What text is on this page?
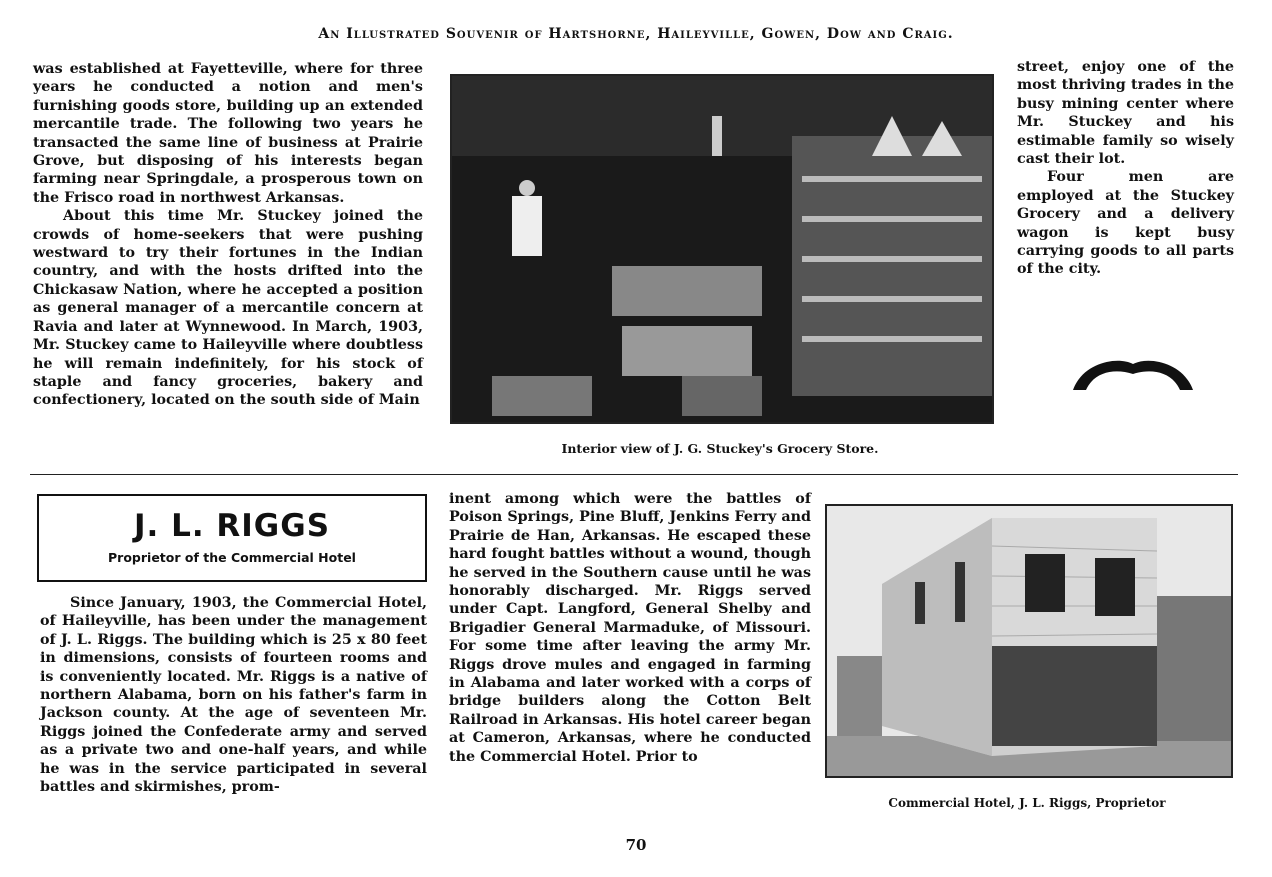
An Illustrated Souvenir of Hartshorne, Haileyville, Gowen, Dow and Craig.

was established at Fayetteville, where for three years he conducted a notion and men's furnishing goods store, building up an extended mercantile trade. The following two years he transacted the same line of business at Prairie Grove, but disposing of his interests began farming near Springdale, a prosperous town on the Frisco road in northwest Arkansas.

About this time Mr. Stuckey joined the crowds of home-seekers that were pushing westward to try their fortunes in the Indian country, and with the hosts drifted into the Chickasaw Nation, where he accepted a position as general manager of a mercantile concern at Ravia and later at Wynnewood. In March, 1903, Mr. Stuckey came to Haileyville where doubtless he will remain indefinitely, for his stock of staple and fancy groceries, bakery and confectionery, located on the south side of Main

Interior view of J. G. Stuckey's Grocery Store.

street, enjoy one of the most thriving trades in the busy mining center where Mr. Stuckey and his estimable family so wisely cast their lot.

Four men are employed at the Stuckey Grocery and a delivery wagon is kept busy carrying goods to all parts of the city.

J. L. RIGGS
Proprietor of the Commercial Hotel

Since January, 1903, the Commercial Hotel, of Haileyville, has been under the management of J. L. Riggs. The building which is 25 x 80 feet in dimensions, consists of fourteen rooms and is conveniently located. Mr. Riggs is a native of northern Alabama, born on his father's farm in Jackson county. At the age of seventeen Mr. Riggs joined the Confederate army and served as a private two and one-half years, and while he was in the service participated in several battles and skirmishes, prom-

inent among which were the battles of Poison Springs, Pine Bluff, Jenkins Ferry and Prairie de Han, Arkansas. He escaped these hard fought battles without a wound, though he served in the Southern cause until he was honorably discharged. Mr. Riggs served under Capt. Langford, General Shelby and Brigadier General Marmaduke, of Missouri. For some time after leaving the army Mr. Riggs drove mules and engaged in farming in Alabama and later worked with a corps of bridge builders along the Cotton Belt Railroad in Arkansas. His hotel career began at Cameron, Arkansas, where he conducted the Commercial Hotel. Prior to

Commercial Hotel, J. L. Riggs, Proprietor
70
